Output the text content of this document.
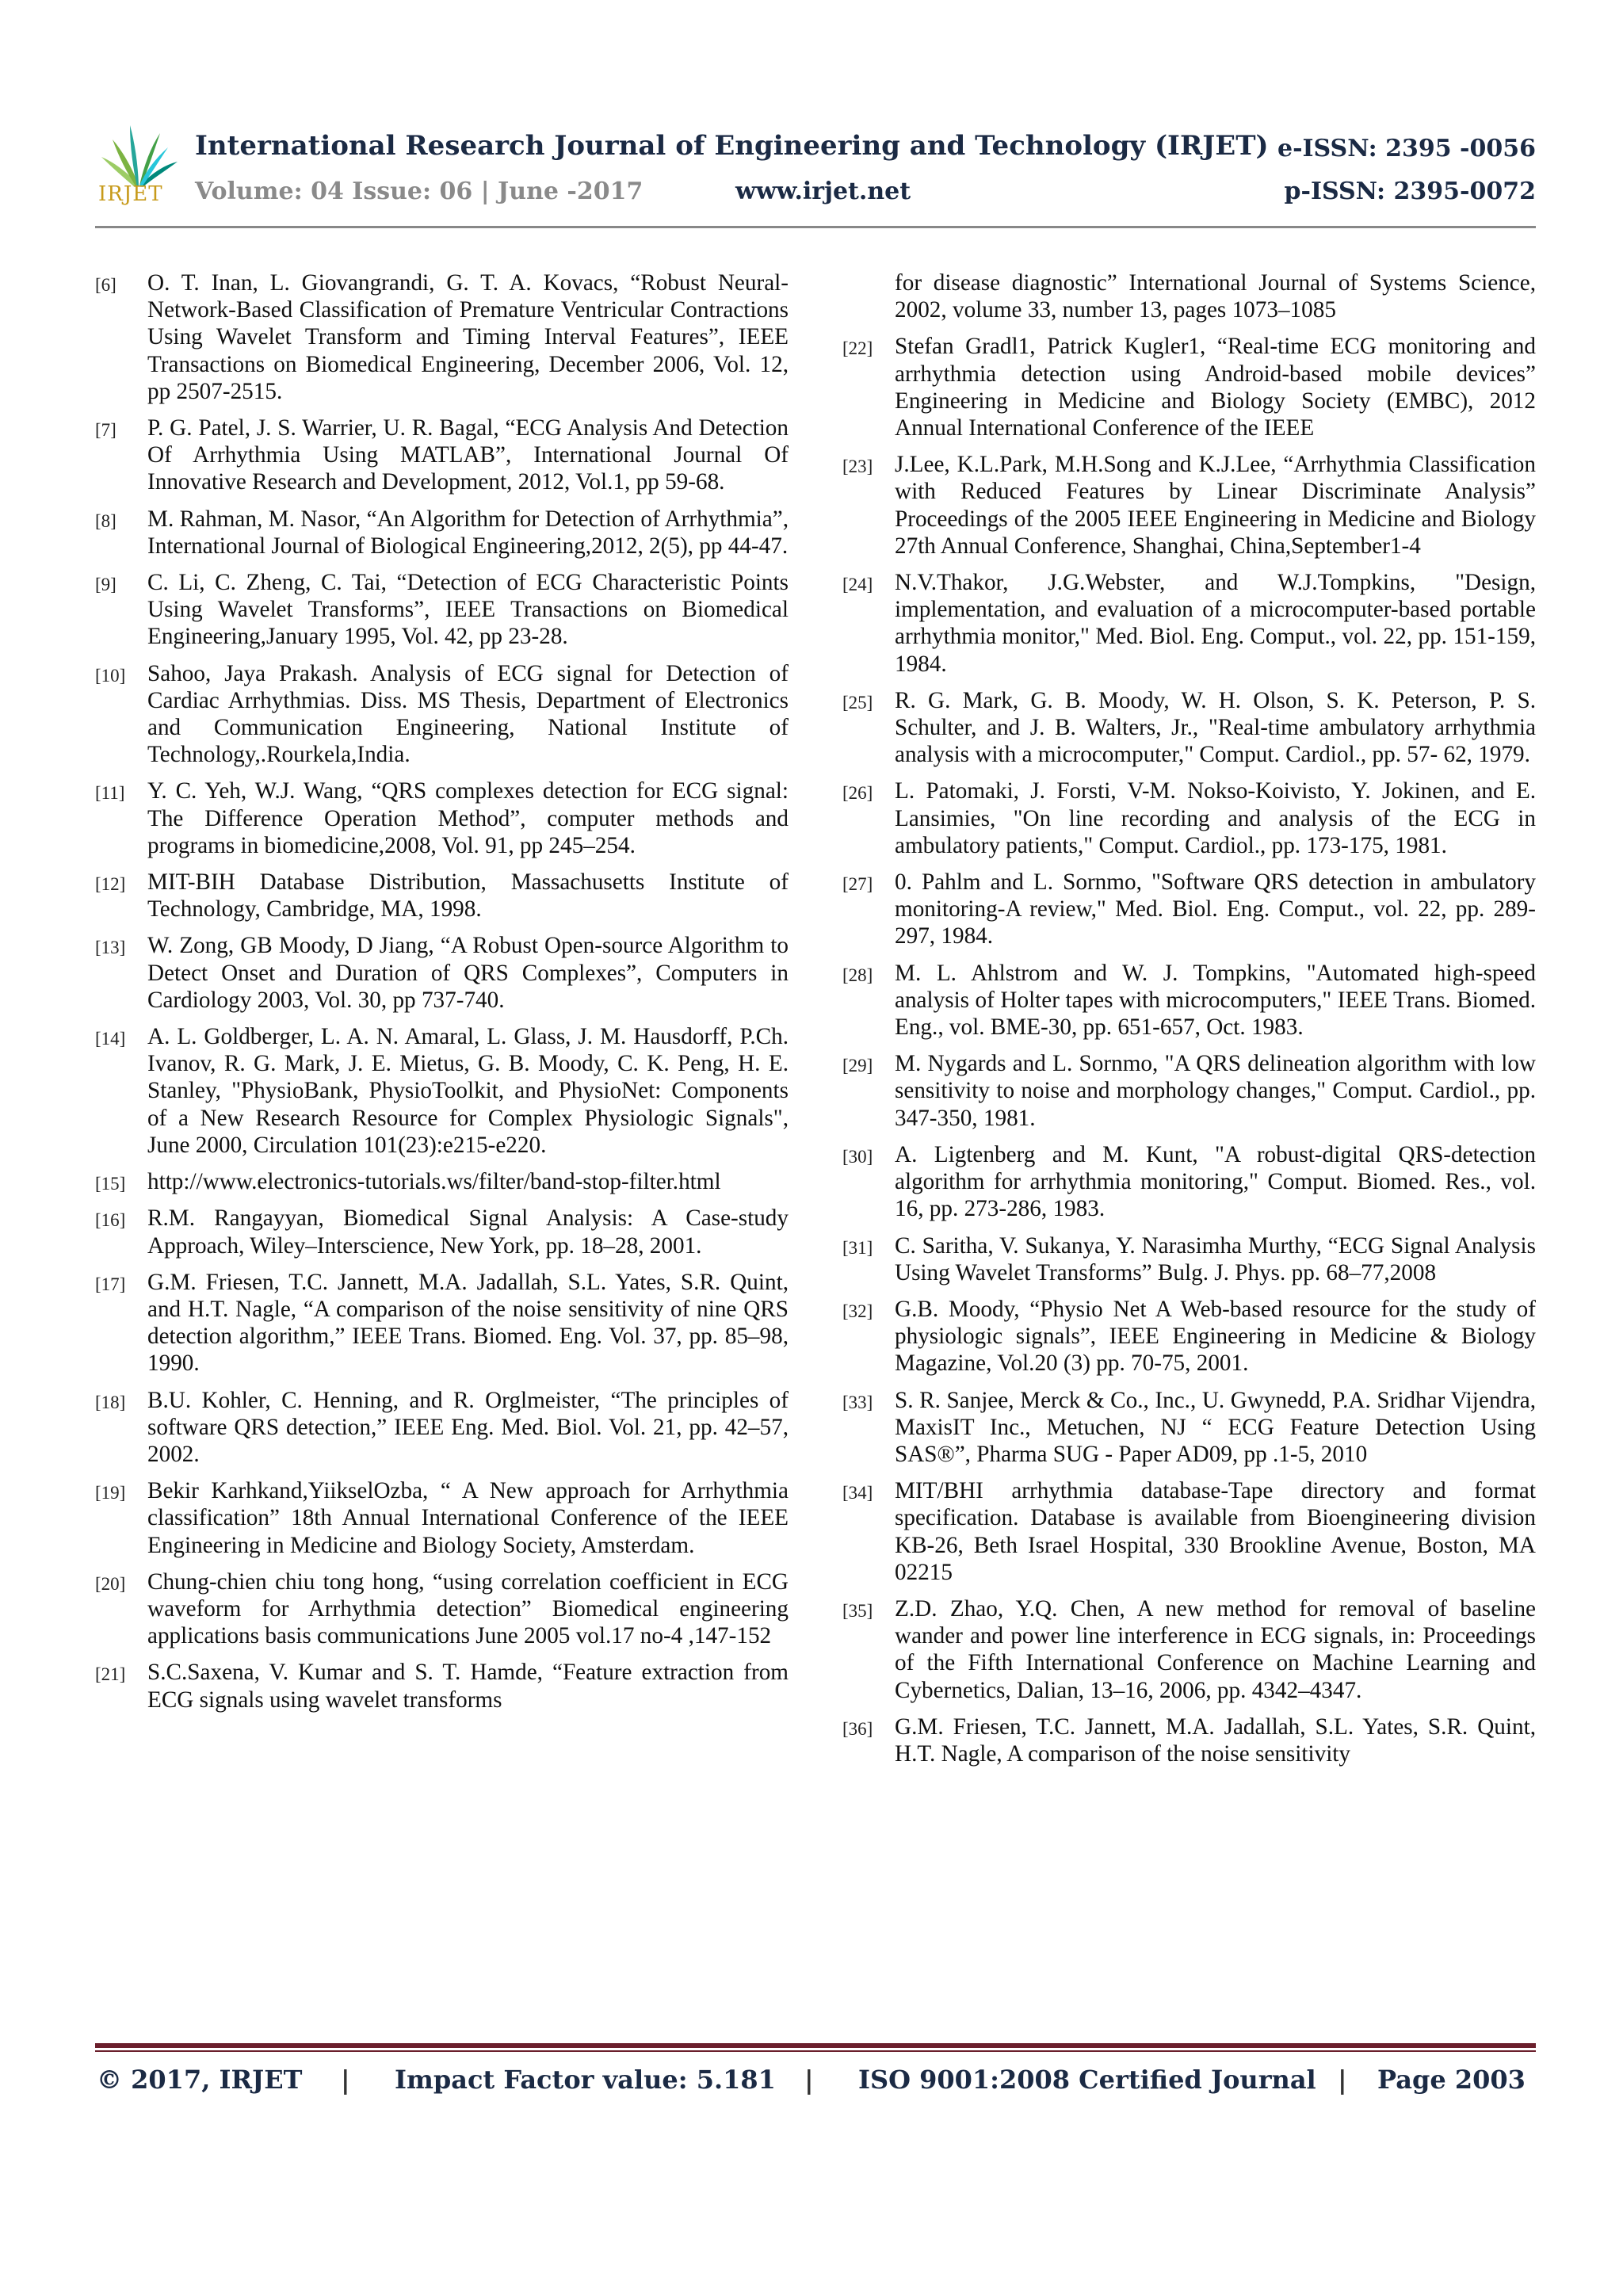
IRJET
International Research Journal of Engineering and Technology (IRJET) e-ISSN: 2395 -0056
Volume: 04 Issue: 06 | June -2017	www.irjet.net	p-ISSN: 2395-0072
[6] O. T. Inan, L. Giovangrandi, G. T. A. Kovacs, “Robust Neural-Network-Based Classification of Premature Ventricular Contractions Using Wavelet Transform and Timing Interval Features”, IEEE Transactions on Biomedical Engineering, December 2006, Vol. 12, pp 2507-2515.
[7] P. G. Patel, J. S. Warrier, U. R. Bagal, “ECG Analysis And Detection Of Arrhythmia Using MATLAB”, International Journal Of Innovative Research and Development, 2012, Vol.1, pp 59-68.
[8] M. Rahman, M. Nasor, “An Algorithm for Detection of Arrhythmia”, International Journal of Biological Engineering,2012, 2(5), pp 44-47.
[9] C. Li, C. Zheng, C. Tai, “Detection of ECG Characteristic Points Using Wavelet Transforms”, IEEE Transactions on Biomedical Engineering,January 1995, Vol. 42, pp 23-28.
[10] Sahoo, Jaya Prakash. Analysis of ECG signal for Detection of Cardiac Arrhythmias. Diss. MS Thesis, Department of Electronics and Communication Engineering, National Institute of Technology,.Rourkela,India.
[11] Y. C. Yeh, W.J. Wang, “QRS complexes detection for ECG signal: The Difference Operation Method”, computer methods and programs in biomedicine,2008, Vol. 91, pp 245–254.
[12] MIT-BIH Database Distribution, Massachusetts Institute of Technology, Cambridge, MA, 1998.
[13] W. Zong, GB Moody, D Jiang, “A Robust Open-source Algorithm to Detect Onset and Duration of QRS Complexes”, Computers in Cardiology 2003, Vol. 30, pp 737-740.
[14] A. L. Goldberger, L. A. N. Amaral, L. Glass, J. M. Hausdorff, P.Ch. Ivanov, R. G. Mark, J. E. Mietus, G. B. Moody, C. K. Peng, H. E. Stanley, "PhysioBank, PhysioToolkit, and PhysioNet: Components of a New Research Resource for Complex Physiologic Signals", June 2000, Circulation 101(23):e215-e220.
[15] http://www.electronics-tutorials.ws/filter/band-stop-filter.html
[16] R.M. Rangayyan, Biomedical Signal Analysis: A Case-study Approach, Wiley–Interscience, New York, pp. 18–28, 2001.
[17] G.M. Friesen, T.C. Jannett, M.A. Jadallah, S.L. Yates, S.R. Quint, and H.T. Nagle, “A comparison of the noise sensitivity of nine QRS detection algorithm,” IEEE Trans. Biomed. Eng. Vol. 37, pp. 85–98, 1990.
[18] B.U. Kohler, C. Henning, and R. Orglmeister, “The principles of software QRS detection,” IEEE Eng. Med. Biol. Vol. 21, pp. 42–57, 2002.
[19] Bekir Karhkand,YiikselOzba, “ A New approach for Arrhythmia classification” 18th Annual International Conference of the IEEE Engineering in Medicine and Biology Society, Amsterdam.
[20] Chung-chien chiu tong hong, “using correlation coefficient in ECG waveform for Arrhythmia detection” Biomedical engineering applications basis communications June 2005 vol.17 no-4 ,147-152
[21] S.C.Saxena, V. Kumar and S. T. Hamde, “Feature extraction from ECG signals using wavelet transforms
for disease diagnostic” International Journal of Systems Science, 2002, volume 33, number 13, pages 1073–1085
[22] Stefan Gradl1, Patrick Kugler1, “Real-time ECG monitoring and arrhythmia detection using Android-based mobile devices” Engineering in Medicine and Biology Society (EMBC), 2012 Annual International Conference of the IEEE
[23] J.Lee, K.L.Park, M.H.Song and K.J.Lee, “Arrhythmia Classification with Reduced Features by Linear Discriminate Analysis” Proceedings of the 2005 IEEE Engineering in Medicine and Biology 27th Annual Conference, Shanghai, China,September1-4
[24] N.V.Thakor, J.G.Webster, and W.J.Tompkins, "Design, implementation, and evaluation of a microcomputer-based portable arrhythmia monitor," Med. Biol. Eng. Comput., vol. 22, pp. 151-159, 1984.
[25] R. G. Mark, G. B. Moody, W. H. Olson, S. K. Peterson, P. S. Schulter, and J. B. Walters, Jr., "Real-time ambulatory arrhythmia analysis with a microcomputer," Comput. Cardiol., pp. 57- 62, 1979.
[26] L. Patomaki, J. Forsti, V-M. Nokso-Koivisto, Y. Jokinen, and E. Lansimies, "On line recording and analysis of the ECG in ambulatory patients," Comput. Cardiol., pp. 173-175, 1981.
[27] 0. Pahlm and L. Sornmo, "Software QRS detection in ambulatory monitoring-A review," Med. Biol. Eng. Comput., vol. 22, pp. 289-297, 1984.
[28] M. L. Ahlstrom and W. J. Tompkins, "Automated high-speed analysis of Holter tapes with microcomputers," IEEE Trans. Biomed. Eng., vol. BME-30, pp. 651-657, Oct. 1983.
[29] M. Nygards and L. Sornmo, "A QRS delineation algorithm with low sensitivity to noise and morphology changes," Comput. Cardiol., pp. 347-350, 1981.
[30] A. Ligtenberg and M. Kunt, "A robust-digital QRS-detection algorithm for arrhythmia monitoring," Comput. Biomed. Res., vol. 16, pp. 273-286, 1983.
[31] C. Saritha, V. Sukanya, Y. Narasimha Murthy, “ECG Signal Analysis Using Wavelet Transforms” Bulg. J. Phys. pp. 68–77,2008
[32] G.B. Moody, “Physio Net A Web-based resource for the study of physiologic signals”, IEEE Engineering in Medicine & Biology Magazine, Vol.20 (3) pp. 70-75, 2001.
[33] S. R. Sanjee, Merck & Co., Inc., U. Gwynedd, P.A. Sridhar Vijendra, MaxisIT Inc., Metuchen, NJ “ ECG Feature Detection Using SAS®”, Pharma SUG - Paper AD09, pp .1-5, 2010
[34] MIT/BHI arrhythmia database-Tape directory and format specification. Database is available from Bioengineering division KB-26, Beth Israel Hospital, 330 Brookline Avenue, Boston, MA 02215
[35] Z.D. Zhao, Y.Q. Chen, A new method for removal of baseline wander and power line interference in ECG signals, in: Proceedings of the Fifth International Conference on Machine Learning and Cybernetics, Dalian, 13–16, 2006, pp. 4342–4347.
[36] G.M. Friesen, T.C. Jannett, M.A. Jadallah, S.L. Yates, S.R. Quint, H.T. Nagle, A comparison of the noise sensitivity
© 2017, IRJET | Impact Factor value: 5.181 | ISO 9001:2008 Certified Journal | Page 2003
